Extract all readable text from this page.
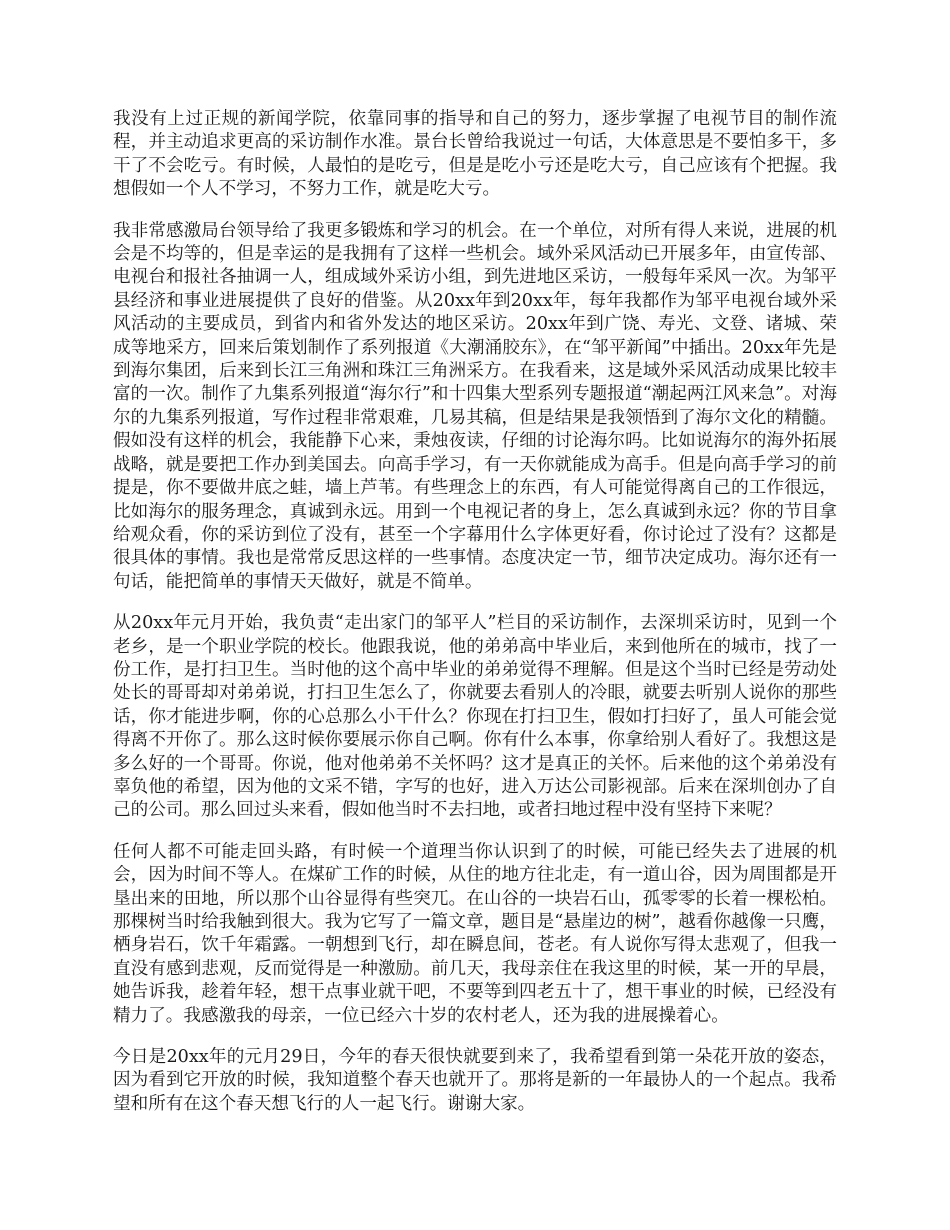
我没有上过正规的新闻学院，依靠同事的指导和自己的努力，逐步掌握了电视节目的制作流程，并主动追求更高的采访制作水准。景台长曾给我说过一句话，大体意思是不要怕多干，多干了不会吃亏。有时候，人最怕的是吃亏，但是是吃小亏还是吃大亏，自己应该有个把握。我想假如一个人不学习，不努力工作，就是吃大亏。

我非常感激局台领导给了我更多锻炼和学习的机会。在一个单位，对所有得人来说，进展的机会是不均等的，但是幸运的是我拥有了这样一些机会。域外采风活动已开展多年，由宣传部、电视台和报社各抽调一人，组成域外采访小组，到先进地区采访，一般每年采风一次。为邹平县经济和事业进展提供了良好的借鉴。从20xx年到20xx年，每年我都作为邹平电视台域外采风活动的主要成员，到省内和省外发达的地区采访。20xx年到广饶、寿光、文登、诸城、荣成等地采方，回来后策划制作了系列报道《大潮涌胶东》，在“邹平新闻”中插出。20xx年先是到海尔集团，后来到长江三角洲和珠江三角洲采方。在我看来，这是域外采风活动成果比较丰富的一次。制作了九集系列报道“海尔行”和十四集大型系列专题报道“潮起两江风来急”。对海尔的九集系列报道，写作过程非常艰难，几易其稿，但是结果是我领悟到了海尔文化的精髓。假如没有这样的机会，我能静下心来，秉烛夜读，仔细的讨论海尔吗。比如说海尔的海外拓展战略，就是要把工作办到美国去。向高手学习，有一天你就能成为高手。但是向高手学习的前提是，你不要做井底之蛙，墙上芦苇。有些理念上的东西，有人可能觉得离自己的工作很远，比如海尔的服务理念，真诚到永远。用到一个电视记者的身上，怎么真诚到永远？你的节目拿给观众看，你的采访到位了没有，甚至一个字幕用什么字体更好看，你讨论过了没有？这都是很具体的事情。我也是常常反思这样的一些事情。态度决定一节，细节决定成功。海尔还有一句话，能把简单的事情天天做好，就是不简单。

从20xx年元月开始，我负责“走出家门的邹平人”栏目的采访制作，去深圳采访时，见到一个老乡，是一个职业学院的校长。他跟我说，他的弟弟高中毕业后，来到他所在的城市，找了一份工作，是打扫卫生。当时他的这个高中毕业的弟弟觉得不理解。但是这个当时已经是劳动处处长的哥哥却对弟弟说，打扫卫生怎么了，你就要去看别人的冷眼，就要去听别人说你的那些话，你才能进步啊，你的心总那么小干什么？你现在打扫卫生，假如打扫好了，虽人可能会觉得离不开你了。那么这时候你要展示你自己啊。你有什么本事，你拿给别人看好了。我想这是多么好的一个哥哥。你说，他对他弟弟不关怀吗？这才是真正的关怀。后来他的这个弟弟没有辜负他的希望，因为他的文采不错，字写的也好，进入万达公司影视部。后来在深圳创办了自己的公司。那么回过头来看，假如他当时不去扫地，或者扫地过程中没有坚持下来呢？

任何人都不可能走回头路，有时候一个道理当你认识到了的时候，可能已经失去了进展的机会，因为时间不等人。在煤矿工作的时候，从住的地方往北走，有一道山谷，因为周围都是开垦出来的田地，所以那个山谷显得有些突兀。在山谷的一块岩石山，孤零零的长着一棵松柏。那棵树当时给我触到很大。我为它写了一篇文章，题目是“悬崖边的树”，越看你越像一只鹰，栖身岩石，饮千年霜露。一朝想到飞行，却在瞬息间，苍老。有人说你写得太悲观了，但我一直没有感到悲观，反而觉得是一种激励。前几天，我母亲住在我这里的时候，某一开的早晨，她告诉我，趁着年轻，想干点事业就干吧，不要等到四老五十了，想干事业的时候，已经没有精力了。我感激我的母亲，一位已经六十岁的农村老人，还为我的进展操着心。

今日是20xx年的元月29日，今年的春天很快就要到来了，我希望看到第一朵花开放的姿态，因为看到它开放的时候，我知道整个春天也就开了。那将是新的一年最协人的一个起点。我希望和所有在这个春天想飞行的人一起飞行。谢谢大家。
